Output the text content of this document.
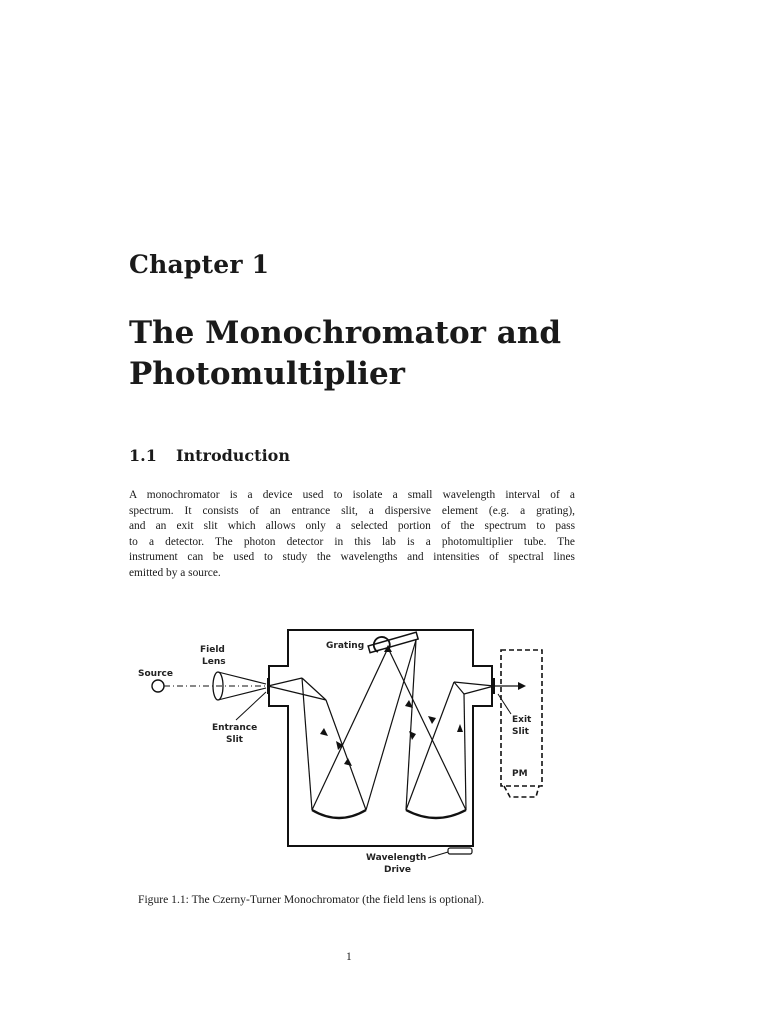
Chapter 1
The Monochromator and
Photomultiplier
1.1 Introduction
A monochromator is a device used to isolate a small wavelength interval of a
spectrum. It consists of an entrance slit, a dispersive element (e.g. a grating),
and an exit slit which allows only a selected portion of the spectrum to pass
to a detector. The photon detector in this lab is a photomultiplier tube. The
instrument can be used to study the wavelengths and intensities of spectral lines
emitted by a source.
Source
Field
Lens
Entrance
Slit
Grating
Exit
Slit
PM
Wavelength
Drive
Figure 1.1: The Czerny-Turner Monochromator (the field lens is optional).
1
